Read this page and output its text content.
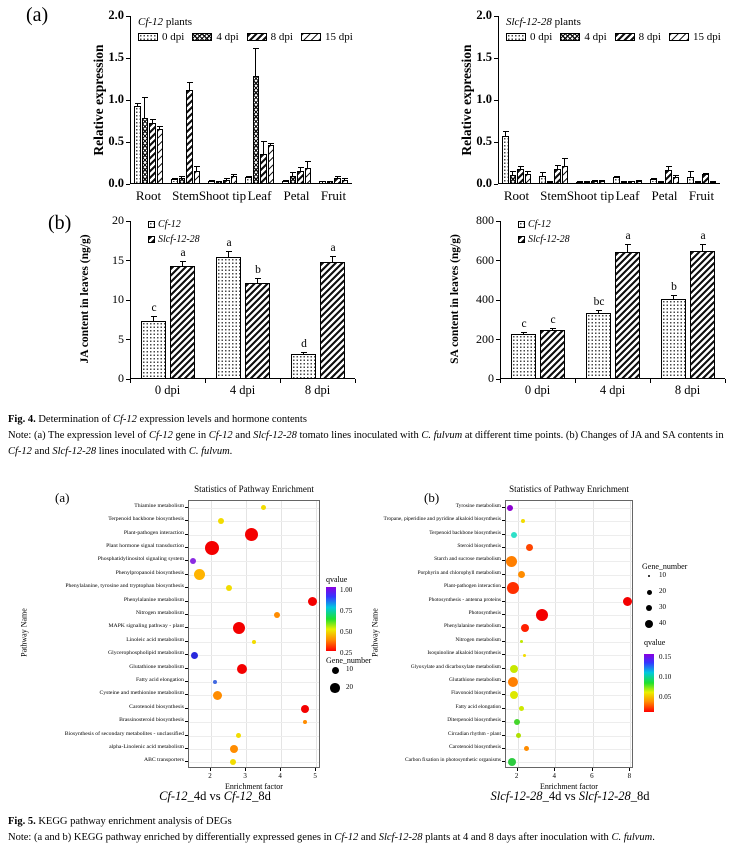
(a)
(b)
Relative expression
0.0
0.5
1.0
1.5
2.0
Root Stem Shoot tip Leaf Petal Fruit
Cf-12 plants
0 dpi	4 dpi	8 dpi	15 dpi
Relative expression
0.0
0.5
1.0
1.5
2.0
Root Stem Shoot tip Leaf Petal Fruit
Slcf-12-28 plants
0 dpi	4 dpi	8 dpi	15 dpi
JA content in leaves (ng/g)
0
5
10
15
20
c
a
0 dpi
a
b
4 dpi
d
a
8 dpi
Cf-12
Slcf-12-28	SA content in leaves (ng/g)
0
200
400
600
800
c	c
0 dpi
bc
a
4 dpi
b
a
8 dpi
Cf-12
Slcf-12-28
Fig. 4. Determination of Cf-12 expression levels and hormone contents
Note: (a) The expression level of Cf-12 gene in Cf-12 and Slcf-12-28 tomato lines inoculated with C. fulvum at different time points. (b) Changes of JA and SA contents in Cf-12 and Slcf-12-28 lines inoculated with C. fulvum.
(a)	(b)
Statistics of Pathway Enrichment
Pathway Name
Enrichment factor
2	3	4	5
Thiamine metabolism
Terpenoid backbone biosynthesis
Plant-pathogen interaction
Plant hormone signal transduction
Phosphatidylinositol signaling system
Phenylpropanoid biosynthesis
Phenylalanine, tyrosine and tryptophan biosynthesis
Phenylalanine metabolism
Nitrogen metabolism
MAPK signaling pathway - plant
Linoleic acid metabolism
Glycerophospholipid metabolism
Glutathione metabolism
Fatty acid elongation
Cysteine and methionine metabolism
Carotenoid biosynthesis
Brassinosteroid biosynthesis
Biosynthesis of secondary metabolites - unclassified
alpha-Linolenic acid metabolism
ABC transporters
qvalue
1.00
0.75
0.50
0.25
Gene_number
10
20
Statistics of Pathway Enrichment
Pathway Name
Enrichment factor
2	4	6	8
Tyrosine metabolism
Tropane, piperidine and pyridine alkaloid biosynthesis
Terpenoid backbone biosynthesis
Steroid biosynthesis
Starch and sucrose metabolism
Porphyrin and chlorophyll metabolism
Plant-pathogen interaction
Photosynthesis - antenna proteins
Photosynthesis
Phenylalanine metabolism
Nitrogen metabolism
Isoquinoline alkaloid biosynthesis
Glyoxylate and dicarboxylate metabolism
Glutathione metabolism
Flavonoid biosynthesis
Fatty acid elongation
Diterpenoid biosynthesis
Circadian rhythm - plant
Carotenoid biosynthesis
Carbon fixation in photosynthetic organisms
qvalue
0.15
0.10
0.05
Gene_number
10
20
30
40
Cf-12_4d vs Cf-12_8d	Slcf-12-28_4d vs Slcf-12-28_8d
Fig. 5. KEGG pathway enrichment analysis of DEGs
Note: (a and b) KEGG pathway enriched by differentially expressed genes in Cf-12 and Slcf-12-28 plants at 4 and 8 days after inoculation with C. fulvum.
